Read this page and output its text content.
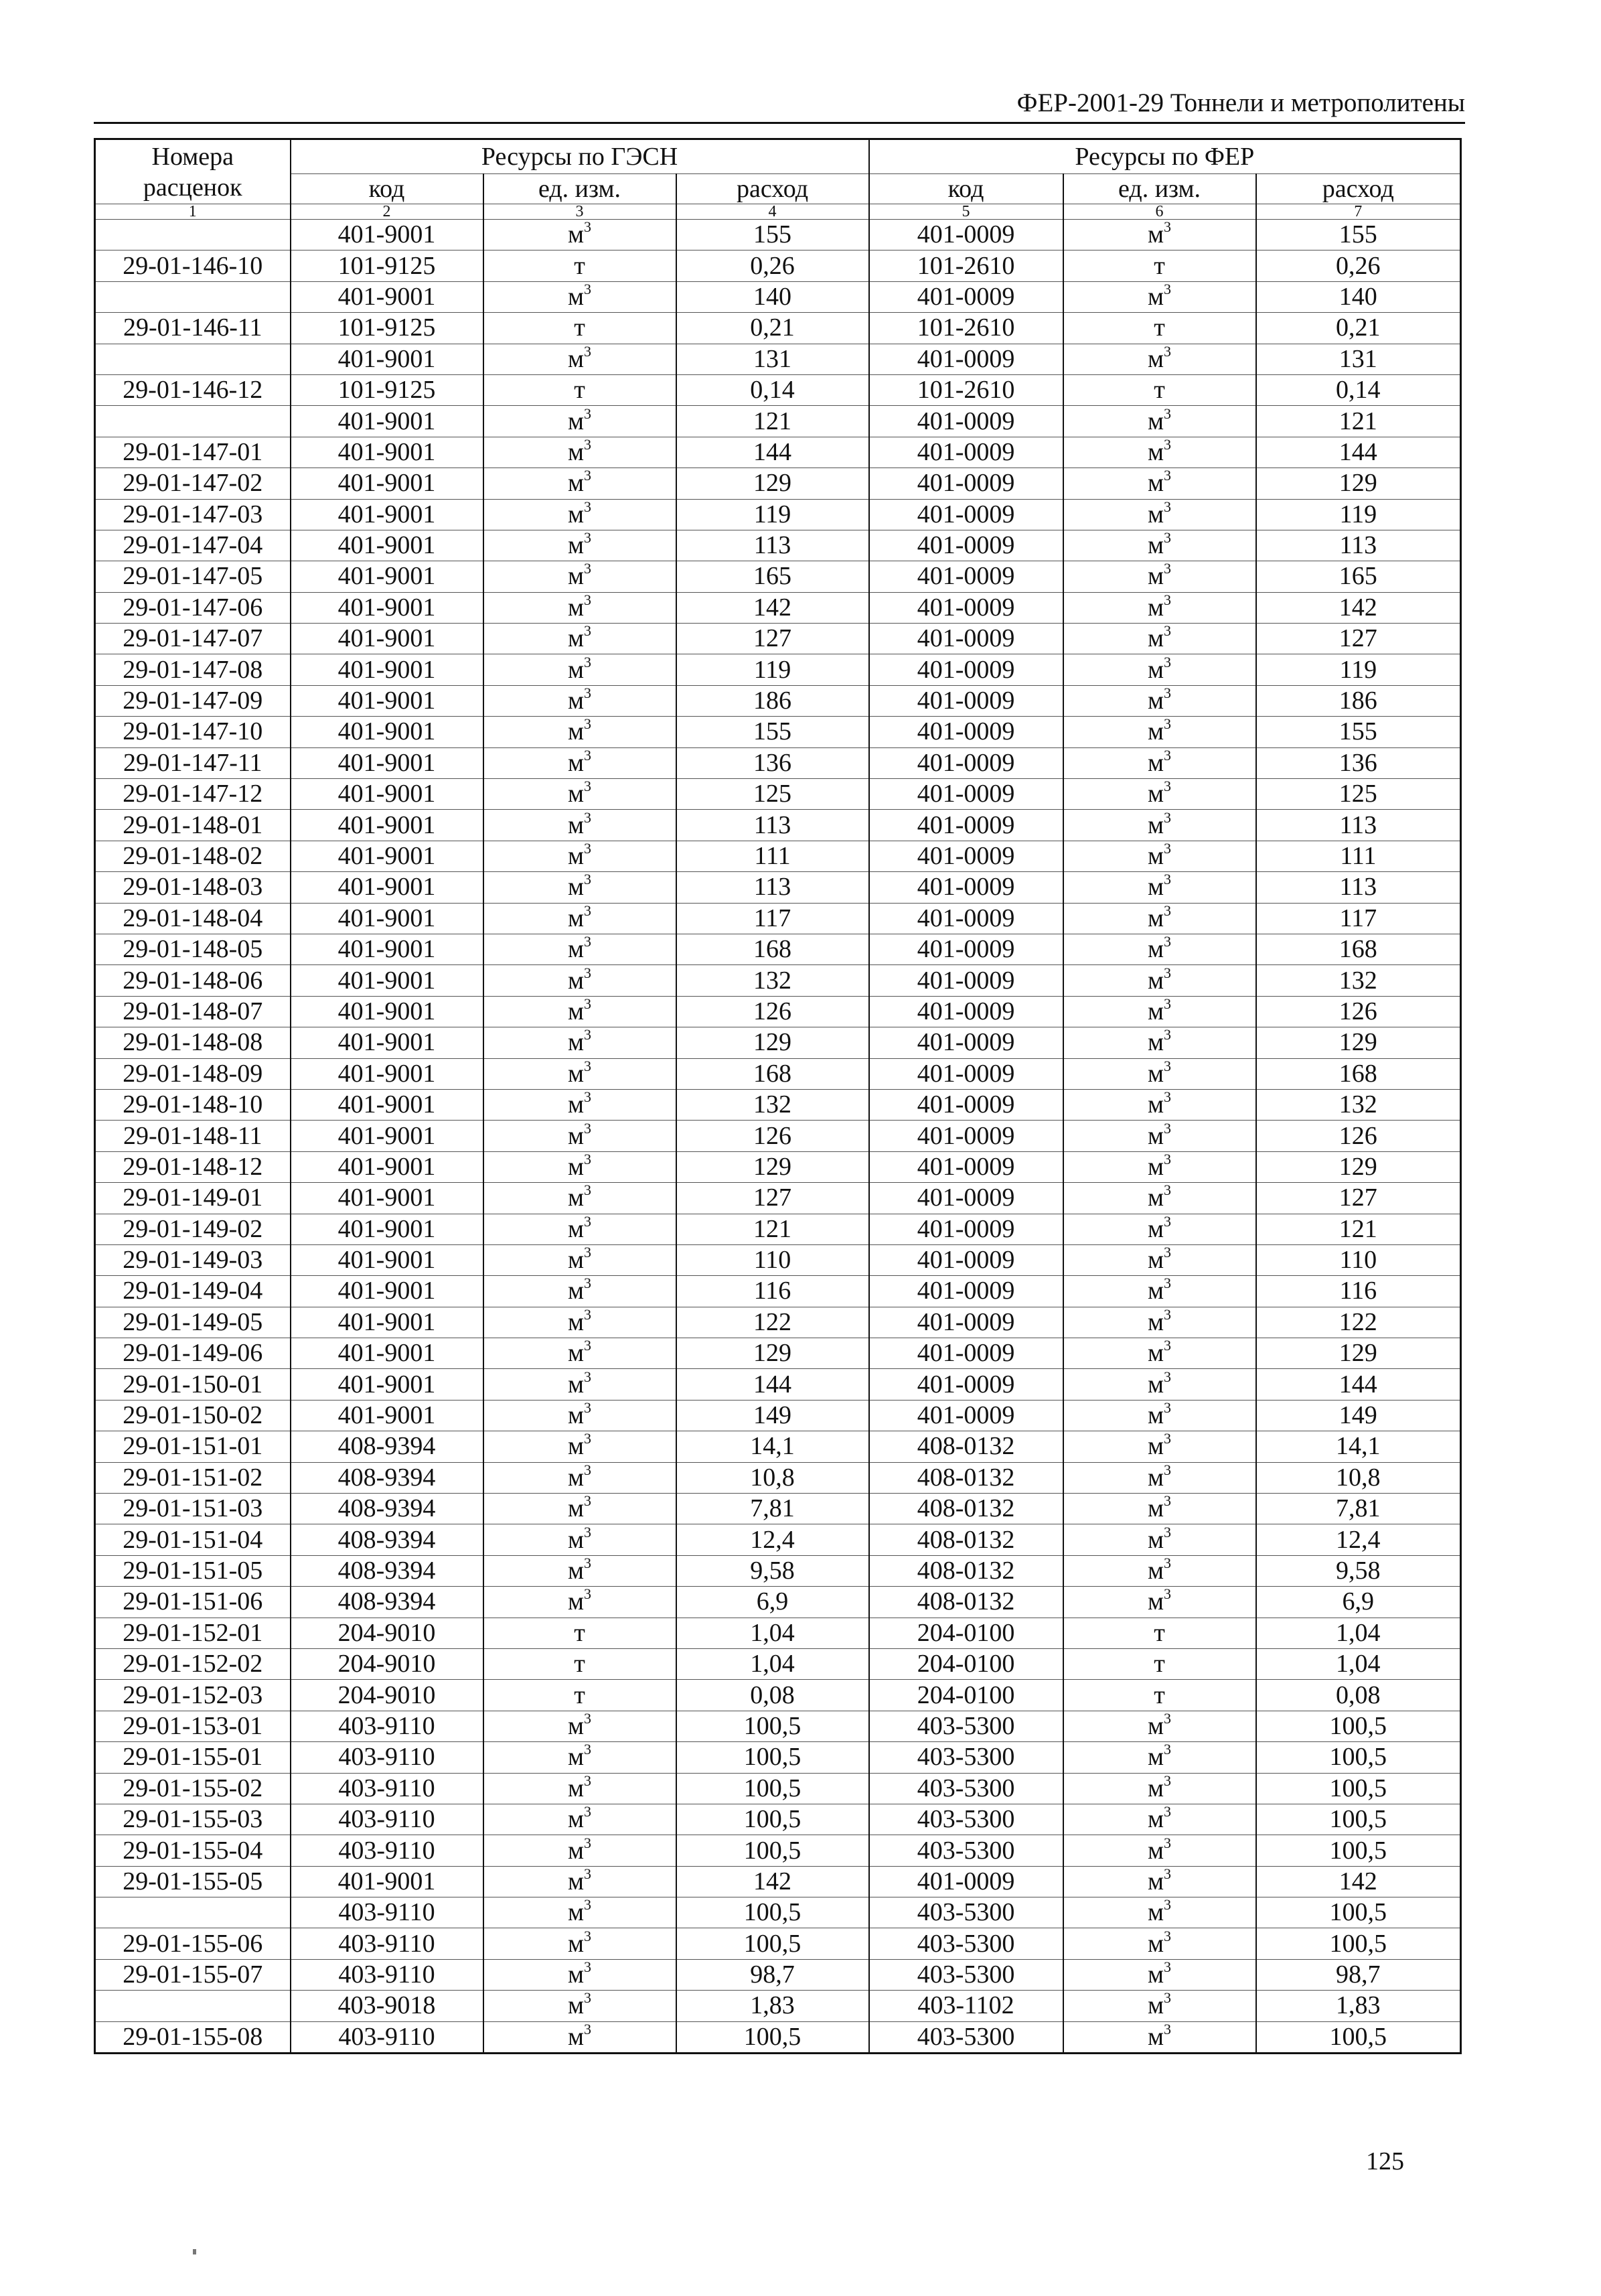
ФЕР-2001-29 Тоннели и метрополитены
Номера расценок	Ресурсы по ГЭСН			Ресурсы по ФЕР		
	код	ед. изм.	расход	код	ед. изм.	расход
1	2	3	4	5	6	7
	401-9001	$м^3$	155	401-0009	$м^3$	155
29-01-146-10	101-9125	т	0,26	101-2610	т	0,26
	401-9001	$м^3$	140	401-0009	$м^3$	140
29-01-146-11	101-9125	т	0,21	101-2610	т	0,21
	401-9001	$м^3$	131	401-0009	$м^3$	131
29-01-146-12	101-9125	т	0,14	101-2610	т	0,14
	401-9001	$м^3$	121	401-0009	$м^3$	121
29-01-147-01	401-9001	$м^3$	144	401-0009	$м^3$	144
29-01-147-02	401-9001	$м^3$	129	401-0009	$м^3$	129
29-01-147-03	401-9001	$м^3$	119	401-0009	$м^3$	119
29-01-147-04	401-9001	$м^3$	113	401-0009	$м^3$	113
29-01-147-05	401-9001	$м^3$	165	401-0009	$м^3$	165
29-01-147-06	401-9001	$м^3$	142	401-0009	$м^3$	142
29-01-147-07	401-9001	$м^3$	127	401-0009	$м^3$	127
29-01-147-08	401-9001	$м^3$	119	401-0009	$м^3$	119
29-01-147-09	401-9001	$м^3$	186	401-0009	$м^3$	186
29-01-147-10	401-9001	$м^3$	155	401-0009	$м^3$	155
29-01-147-11	401-9001	$м^3$	136	401-0009	$м^3$	136
29-01-147-12	401-9001	$м^3$	125	401-0009	$м^3$	125
29-01-148-01	401-9001	$м^3$	113	401-0009	$м^3$	113
29-01-148-02	401-9001	$м^3$	111	401-0009	$м^3$	111
29-01-148-03	401-9001	$м^3$	113	401-0009	$м^3$	113
29-01-148-04	401-9001	$м^3$	117	401-0009	$м^3$	117
29-01-148-05	401-9001	$м^3$	168	401-0009	$м^3$	168
29-01-148-06	401-9001	$м^3$	132	401-0009	$м^3$	132
29-01-148-07	401-9001	$м^3$	126	401-0009	$м^3$	126
29-01-148-08	401-9001	$м^3$	129	401-0009	$м^3$	129
29-01-148-09	401-9001	$м^3$	168	401-0009	$м^3$	168
29-01-148-10	401-9001	$м^3$	132	401-0009	$м^3$	132
29-01-148-11	401-9001	$м^3$	126	401-0009	$м^3$	126
29-01-148-12	401-9001	$м^3$	129	401-0009	$м^3$	129
29-01-149-01	401-9001	$м^3$	127	401-0009	$м^3$	127
29-01-149-02	401-9001	$м^3$	121	401-0009	$м^3$	121
29-01-149-03	401-9001	$м^3$	110	401-0009	$м^3$	110
29-01-149-04	401-9001	$м^3$	116	401-0009	$м^3$	116
29-01-149-05	401-9001	$м^3$	122	401-0009	$м^3$	122
29-01-149-06	401-9001	$м^3$	129	401-0009	$м^3$	129
29-01-150-01	401-9001	$м^3$	144	401-0009	$м^3$	144
29-01-150-02	401-9001	$м^3$	149	401-0009	$м^3$	149
29-01-151-01	408-9394	$м^3$	14,1	408-0132	$м^3$	14,1
29-01-151-02	408-9394	$м^3$	10,8	408-0132	$м^3$	10,8
29-01-151-03	408-9394	$м^3$	7,81	408-0132	$м^3$	7,81
29-01-151-04	408-9394	$м^3$	12,4	408-0132	$м^3$	12,4
29-01-151-05	408-9394	$м^3$	9,58	408-0132	$м^3$	9,58
29-01-151-06	408-9394	$м^3$	6,9	408-0132	$м^3$	6,9
29-01-152-01	204-9010	т	1,04	204-0100	т	1,04
29-01-152-02	204-9010	т	1,04	204-0100	т	1,04
29-01-152-03	204-9010	т	0,08	204-0100	т	0,08
29-01-153-01	403-9110	$м^3$	100,5	403-5300	$м^3$	100,5
29-01-155-01	403-9110	$м^3$	100,5	403-5300	$м^3$	100,5
29-01-155-02	403-9110	$м^3$	100,5	403-5300	$м^3$	100,5
29-01-155-03	403-9110	$м^3$	100,5	403-5300	$м^3$	100,5
29-01-155-04	403-9110	$м^3$	100,5	403-5300	$м^3$	100,5
29-01-155-05	401-9001	$м^3$	142	401-0009	$м^3$	142
	403-9110	$м^3$	100,5	403-5300	$м^3$	100,5
29-01-155-06	403-9110	$м^3$	100,5	403-5300	$м^3$	100,5
29-01-155-07	403-9110	$м^3$	98,7	403-5300	$м^3$	98,7
	403-9018	$м^3$	1,83	403-1102	$м^3$	1,83
29-01-155-08	403-9110	$м^3$	100,5	403-5300	$м^3$	100,5
125
